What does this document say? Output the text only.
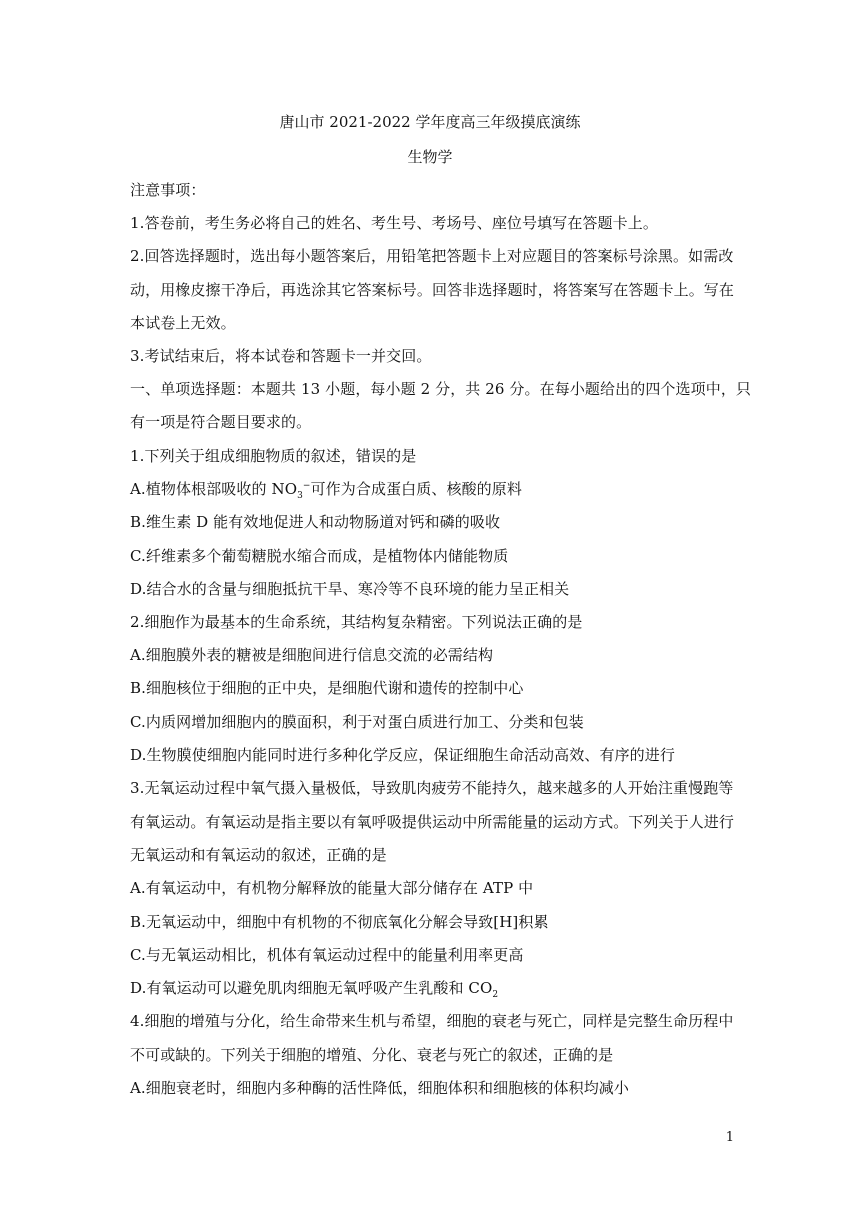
唐山市 2021-2022 学年度高三年级摸底演练
生物学
注意事项：
1.答卷前，考生务必将自己的姓名、考生号、考场号、座位号填写在答题卡上。
2.回答选择题时，选出每小题答案后，用铅笔把答题卡上对应题目的答案标号涂黑。如需改
动，用橡皮擦干净后，再选涂其它答案标号。回答非选择题时，将答案写在答题卡上。写在
本试卷上无效。
3.考试结束后，将本试卷和答题卡一并交回。
一、单项选择题：本题共 13 小题，每小题 2 分，共 26 分。在每小题给出的四个选项中，只
有一项是符合题目要求的。
1.下列关于组成细胞物质的叙述，错误的是
A.植物体根部吸收的 $NO_3^-$可作为合成蛋白质、核酸的原料
B.维生素 D 能有效地促进人和动物肠道对钙和磷的吸收
C.纤维素多个葡萄糖脱水缩合而成，是植物体内储能物质
D.结合水的含量与细胞抵抗干旱、寒冷等不良环境的能力呈正相关
2.细胞作为最基本的生命系统，其结构复杂精密。下列说法正确的是
A.细胞膜外表的糖被是细胞间进行信息交流的必需结构
B.细胞核位于细胞的正中央，是细胞代谢和遗传的控制中心
C.内质网增加细胞内的膜面积，利于对蛋白质进行加工、分类和包装
D.生物膜使细胞内能同时进行多种化学反应，保证细胞生命活动高效、有序的进行
3.无氧运动过程中氧气摄入量极低，导致肌肉疲劳不能持久，越来越多的人开始注重慢跑等
有氧运动。有氧运动是指主要以有氧呼吸提供运动中所需能量的运动方式。下列关于人进行
无氧运动和有氧运动的叙述，正确的是
A.有氧运动中，有机物分解释放的能量大部分储存在 ATP 中
B.无氧运动中，细胞中有机物的不彻底氧化分解会导致[H]积累
C.与无氧运动相比，机体有氧运动过程中的能量利用率更高
D.有氧运动可以避免肌肉细胞无氧呼吸产生乳酸和 $CO_2$
4.细胞的增殖与分化，给生命带来生机与希望，细胞的衰老与死亡，同样是完整生命历程中
不可或缺的。下列关于细胞的增殖、分化、衰老与死亡的叙述，正确的是
A.细胞衰老时，细胞内多种酶的活性降低，细胞体积和细胞核的体积均减小
1
